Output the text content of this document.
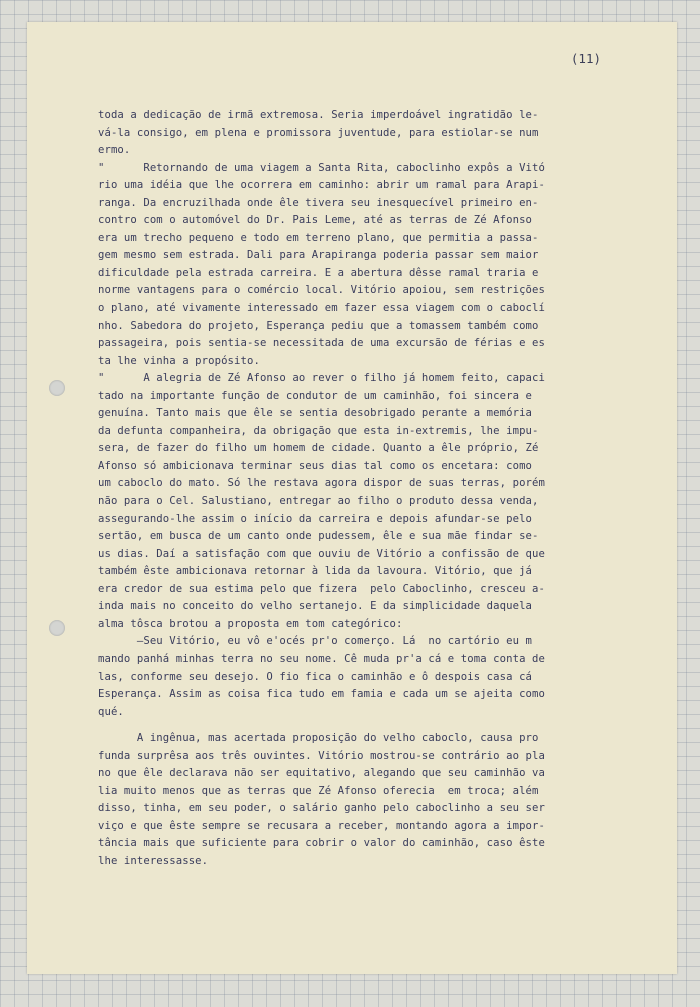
(11)
toda a dedicação de irmã extremosa. Seria imperdoável ingratidão le-
vá-la consigo, em plena e promissora juventude, para estiolar-se num
ermo.
"      Retornando de uma viagem a Santa Rita, caboclinho expôs a Vitó
rio uma idéia que lhe ocorrera em caminho: abrir um ramal para Arapi-
ranga. Da encruzilhada onde êle tivera seu inesquecível primeiro en-
contro com o automóvel do Dr. Pais Leme, até as terras de Zé Afonso
era um trecho pequeno e todo em terreno plano, que permitia a passa-
gem mesmo sem estrada. Dali para Arapiranga poderia passar sem maior
dificuldade pela estrada carreira. E a abertura dêsse ramal traria e
norme vantagens para o comércio local. Vitório apoiou, sem restrições
o plano, até vivamente interessado em fazer essa viagem com o caboclí
nho. Sabedora do projeto, Esperança pediu que a tomassem também como
passageira, pois sentia-se necessitada de uma excursão de férias e es
ta lhe vinha a propósito.
"      A alegria de Zé Afonso ao rever o filho já homem feito, capaci
tado na importante função de condutor de um caminhão, foi sincera e
genuína. Tanto mais que êle se sentia desobrigado perante a memória
da defunta companheira, da obrigação que esta in-extremis, lhe impu-
sera, de fazer do filho um homem de cidade. Quanto a êle próprio, Zé
Afonso só ambicionava terminar seus dias tal como os encetara: como
um caboclo do mato. Só lhe restava agora dispor de suas terras, porém
não para o Cel. Salustiano, entregar ao filho o produto dessa venda,
assegurando-lhe assim o início da carreira e depois afundar-se pelo
sertão, em busca de um canto onde pudessem, êle e sua mãe findar se-
us dias. Daí a satisfação com que ouviu de Vitório a confissão de que
também êste ambicionava retornar à lida da lavoura. Vitório, que já
era credor de sua estima pelo que fizera  pelo Caboclinho, cresceu a-
inda mais no conceito do velho sertanejo. E da simplicidade daquela
alma tôsca brotou a proposta em tom categórico:
—Seu Vitório, eu vô e'océs pr'o comerço. Lá  no cartório eu m
mando panhá minhas terra no seu nome. Cê muda pr'a cá e toma conta de
las, conforme seu desejo. O fio fica o caminhão e ô despois casa cá
Esperança. Assim as coisa fica tudo em famia e cada um se ajeita como
qué.
A ingênua, mas acertada proposição do velho caboclo, causa pro
funda surprêsa aos três ouvintes. Vitório mostrou-se contrário ao pla
no que êle declarava não ser equitativo, alegando que seu caminhão va
lia muito menos que as terras que Zé Afonso oferecia  em troca; além
disso, tinha, em seu poder, o salário ganho pelo caboclinho a seu ser
viço e que êste sempre se recusara a receber, montando agora a impor-
tância mais que suficiente para cobrir o valor do caminhão, caso êste
lhe interessasse.
